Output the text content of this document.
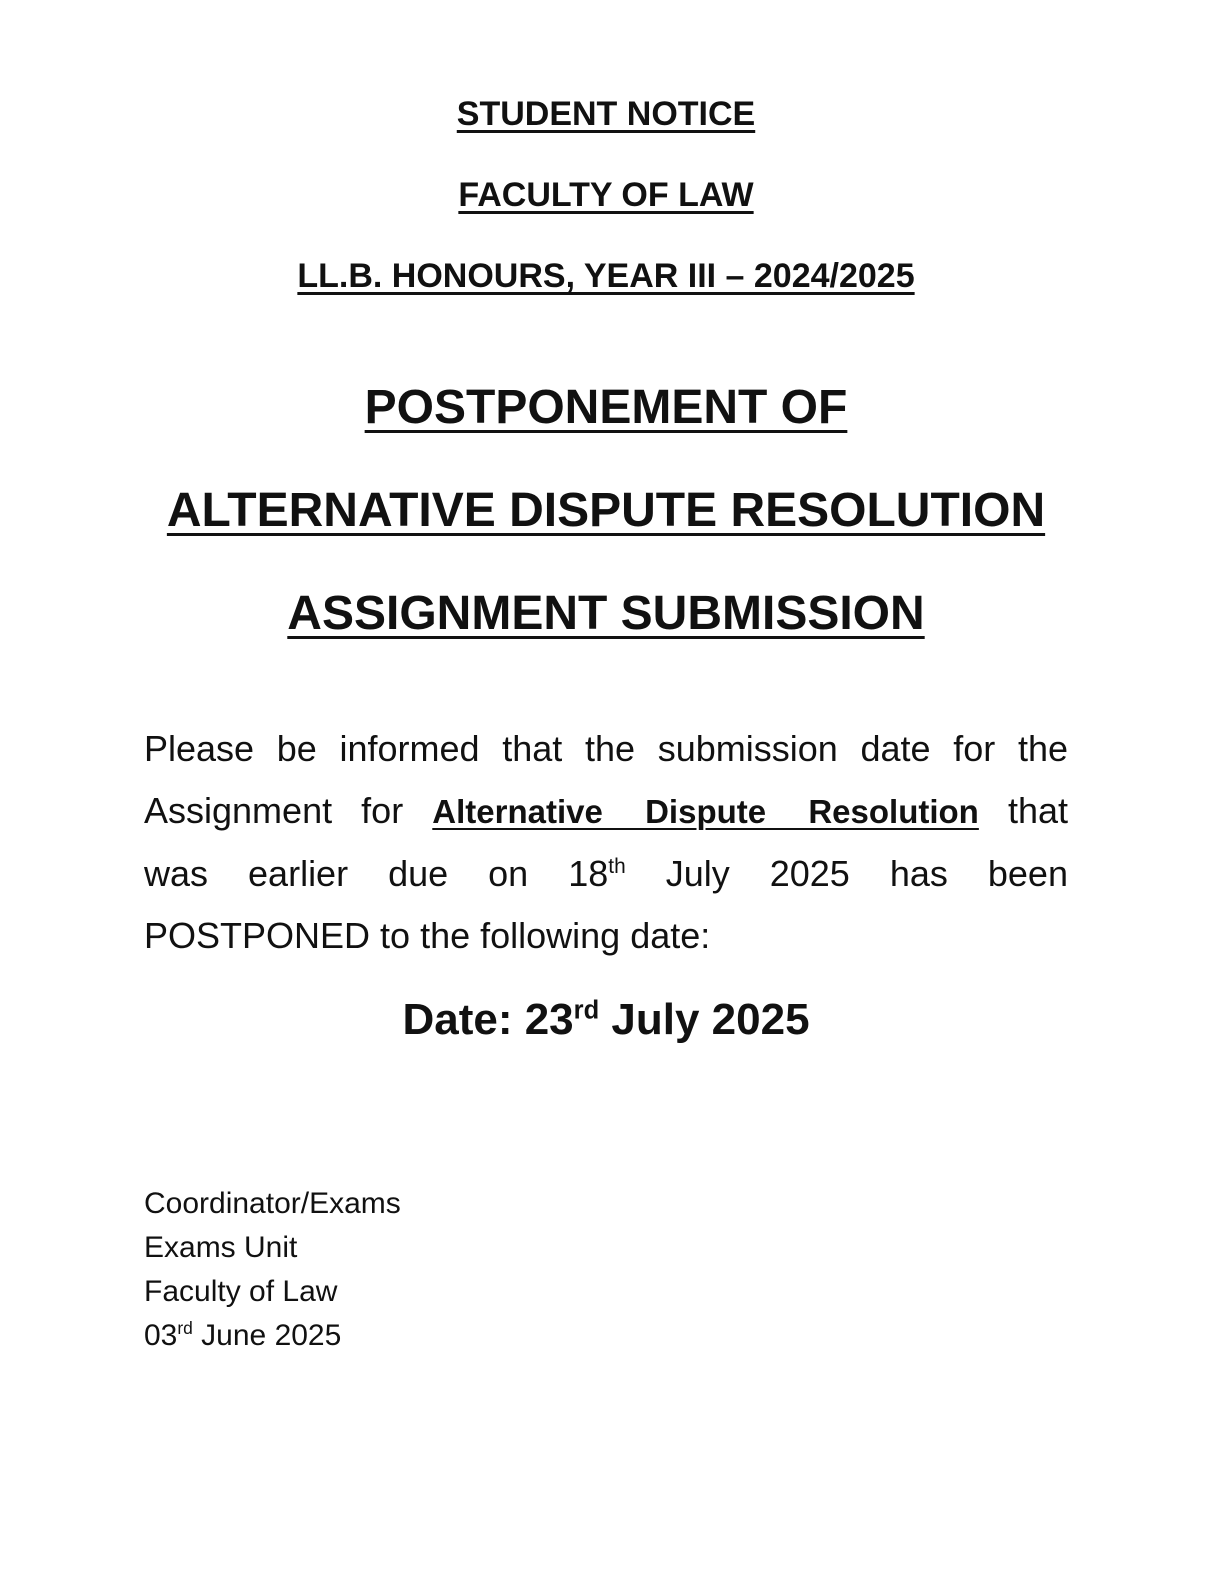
STUDENT NOTICE
FACULTY OF LAW
LL.B. HONOURS, YEAR III – 2024/2025
POSTPONEMENT OF
ALTERNATIVE DISPUTE RESOLUTION
ASSIGNMENT SUBMISSION
Please be informed that the submission date for the
Assignment for Alternative Dispute Resolution that
was earlier due on 18th July 2025 has been
POSTPONED to the following date:
Date: 23rd July 2025
Coordinator/Exams
Exams Unit
Faculty of Law
03rd June 2025
